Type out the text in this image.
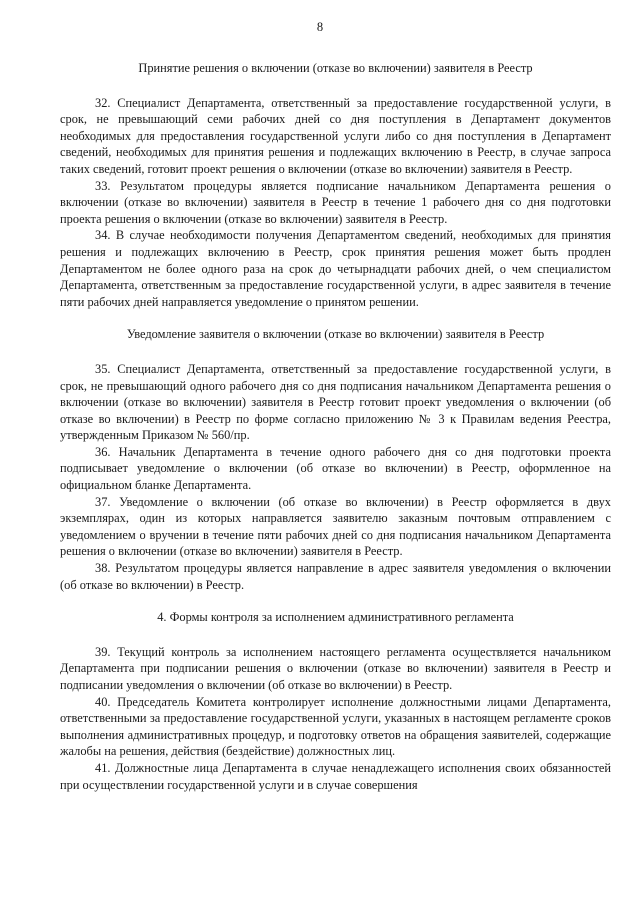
8

Принятие решения о включении (отказе во включении) заявителя в Реестр

32. Специалист Департамента, ответственный за предоставление государственной услуги, в срок, не превышающий семи рабочих дней со дня поступления в Департамент документов необходимых для предоставления государственной услуги либо со дня поступления в Департамент сведений, необходимых для принятия решения и подлежащих включению в Реестр, в случае запроса таких сведений, готовит проект решения о включении (отказе во включении) заявителя в Реестр.

33. Результатом процедуры является подписание начальником Департамента решения о включении (отказе во включении) заявителя в Реестр в течение 1 рабочего дня со дня подготовки проекта решения о включении (отказе во включении) заявителя в Реестр.

34. В случае необходимости получения Департаментом сведений, необходимых для принятия решения и подлежащих включению в Реестр, срок принятия решения может быть продлен Департаментом не более одного раза на срок до четырнадцати рабочих дней, о чем специалистом Департамента, ответственным за предоставление государственной услуги, в адрес заявителя в течение пяти рабочих дней направляется уведомление о принятом решении.

Уведомление заявителя о включении (отказе во включении) заявителя в Реестр

35. Специалист Департамента, ответственный за предоставление государственной услуги, в срок, не превышающий одного рабочего дня со дня подписания начальником Департамента решения о включении (отказе во включении) заявителя в Реестр готовит проект уведомления о включении (об отказе во включении) в Реестр по форме согласно приложению № 3 к Правилам ведения Реестра, утвержденным Приказом № 560/пр.

36. Начальник Департамента в течение одного рабочего дня со дня подготовки проекта подписывает уведомление о включении (об отказе во включении) в Реестр, оформленное на официальном бланке Департамента.

37. Уведомление о включении (об отказе во включении) в Реестр оформляется в двух экземплярах, один из которых направляется заявителю заказным почтовым отправлением с уведомлением о вручении в течение пяти рабочих дней со дня подписания начальником Департамента решения о включении (отказе во включении) заявителя в Реестр.

38. Результатом процедуры является направление в адрес заявителя уведомления о включении (об отказе во включении) в Реестр.

4. Формы контроля за исполнением административного регламента

39. Текущий контроль за исполнением настоящего регламента осуществляется начальником Департамента при подписании решения о включении (отказе во включении) заявителя в Реестр и подписании уведомления о включении (об отказе во включении) в Реестр.

40. Председатель Комитета контролирует исполнение должностными лицами Департамента, ответственными за предоставление государственной услуги, указанных в настоящем регламенте сроков выполнения административных процедур, и подготовку ответов на обращения заявителей, содержащие жалобы на решения, действия (бездействие) должностных лиц.

41. Должностные лица Департамента в случае ненадлежащего исполнения своих обязанностей при осуществлении государственной услуги и в случае совершения
